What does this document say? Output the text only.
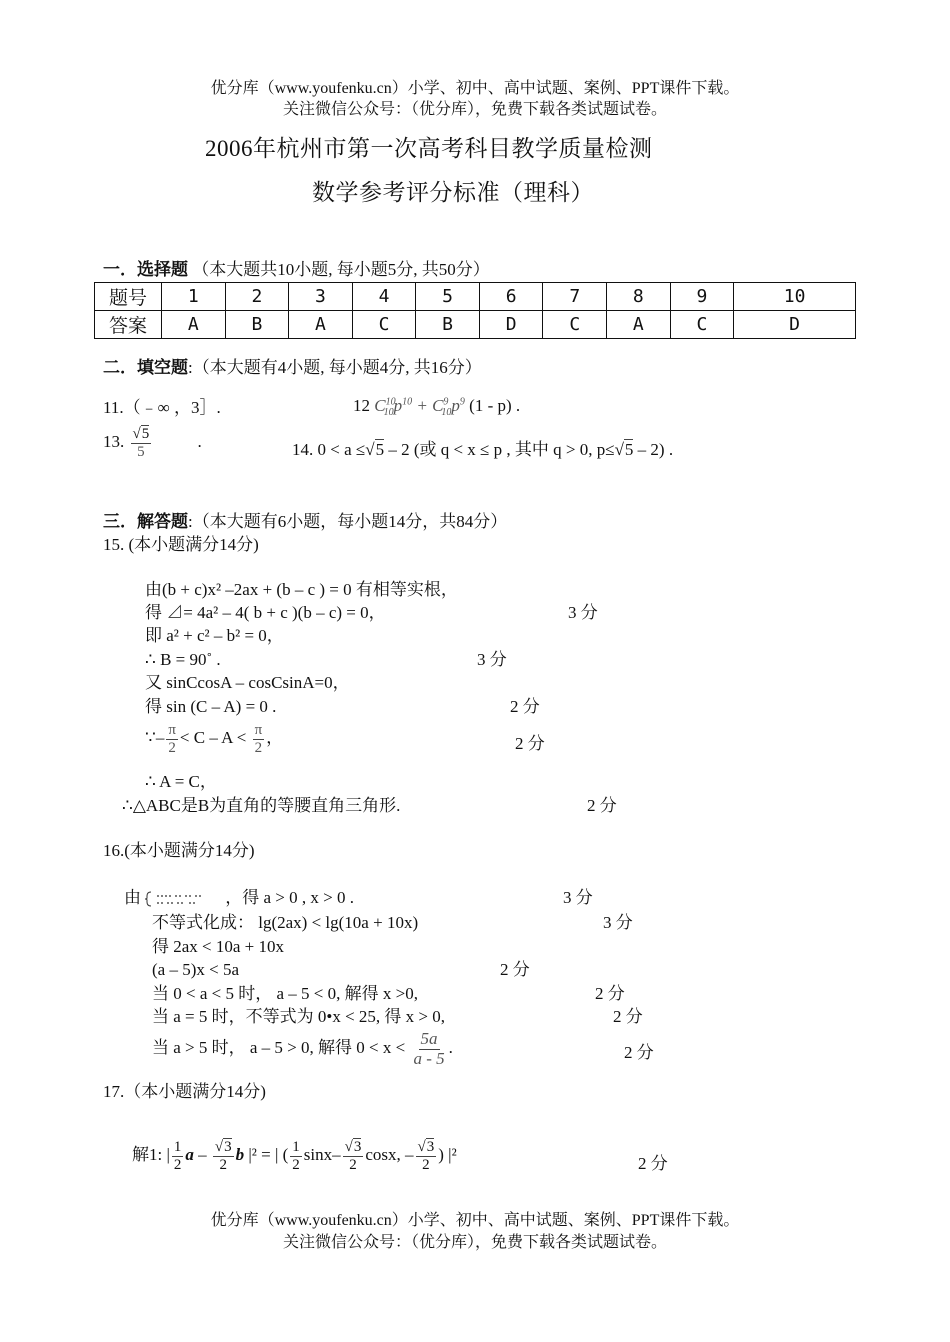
优分库（www.youfenku.cn）小学、初中、高中试题、案例、PPT课件下载。
关注微信公众号：（优分库），免费下载各类试题试卷。
2006年杭州市第一次高考科目教学质量检测
数学参考评分标准（理科）
一．选择题 （本大题共10小题, 每小题5分, 共50分）
题号	1	2	3	4	5	6	7	8	9	10
答案	A	B	A	C	B	D	C	A	C	D
二．填空题:（本大题有4小题, 每小题4分, 共16分）
11.（﹣∞ ，3］.	12 $C^{10}_{10}p^{10} + C^9_{10}p^9$ (1 - p) .
13. $\frac{√5}{5}$	.	14. 0 < a ≤√5 – 2 (或 q < x ≤ p , 其中 q > 0, p≤√5 – 2) .
三．解答题:（本大题有6小题，每小题14分，共84分）
15. (本小题满分14分)
由(b + c)x² –2ax + (b – c ) = 0 有相等实根，
得 ⊿= 4a² – 4( b + c )(b – c) = 0，	3 分
即 a² + c² – b² = 0，
∴ B = 90˚ .	3 分
又 sinCcosA – cosCsinA=0，
得 sin (C – A) = 0 .	2 分
∵– $\frac{\pi}{2} < C - A < \frac{\pi}{2}$ ，	2 分
∴ A = C，
∴△ABC是B为直角的等腰直角三角形.	2 分
16.(本小题满分14分)
由	，得 a > 0 , x > 0 .	3 分
不等式化成： lg(2ax) < lg(10a + 10x)	3 分
得 2ax < 10a + 10x
(a – 5)x < 5a	2 分
当 0 < a < 5 时， a – 5 < 0, 解得 x >0,	2 分
当 a = 5 时，不等式为 0•x < 25, 得 x > 0,	2 分
当 a > 5 时， a – 5 > 0, 解得 $0 < x < \frac{5a}{a - 5}$ .	2 分
17.（本小题满分14分)
解1: | $\frac{1}{2}$ a – $\frac{√3}{2}$ b |² = | ( $\frac{1}{2} \sin x- \frac{√3}{2} \cos x$, – $\frac{√3}{2}$ ) |²	2 分
优分库（www.youfenku.cn）小学、初中、高中试题、案例、PPT课件下载。
关注微信公众号：（优分库），免费下载各类试题试卷。
